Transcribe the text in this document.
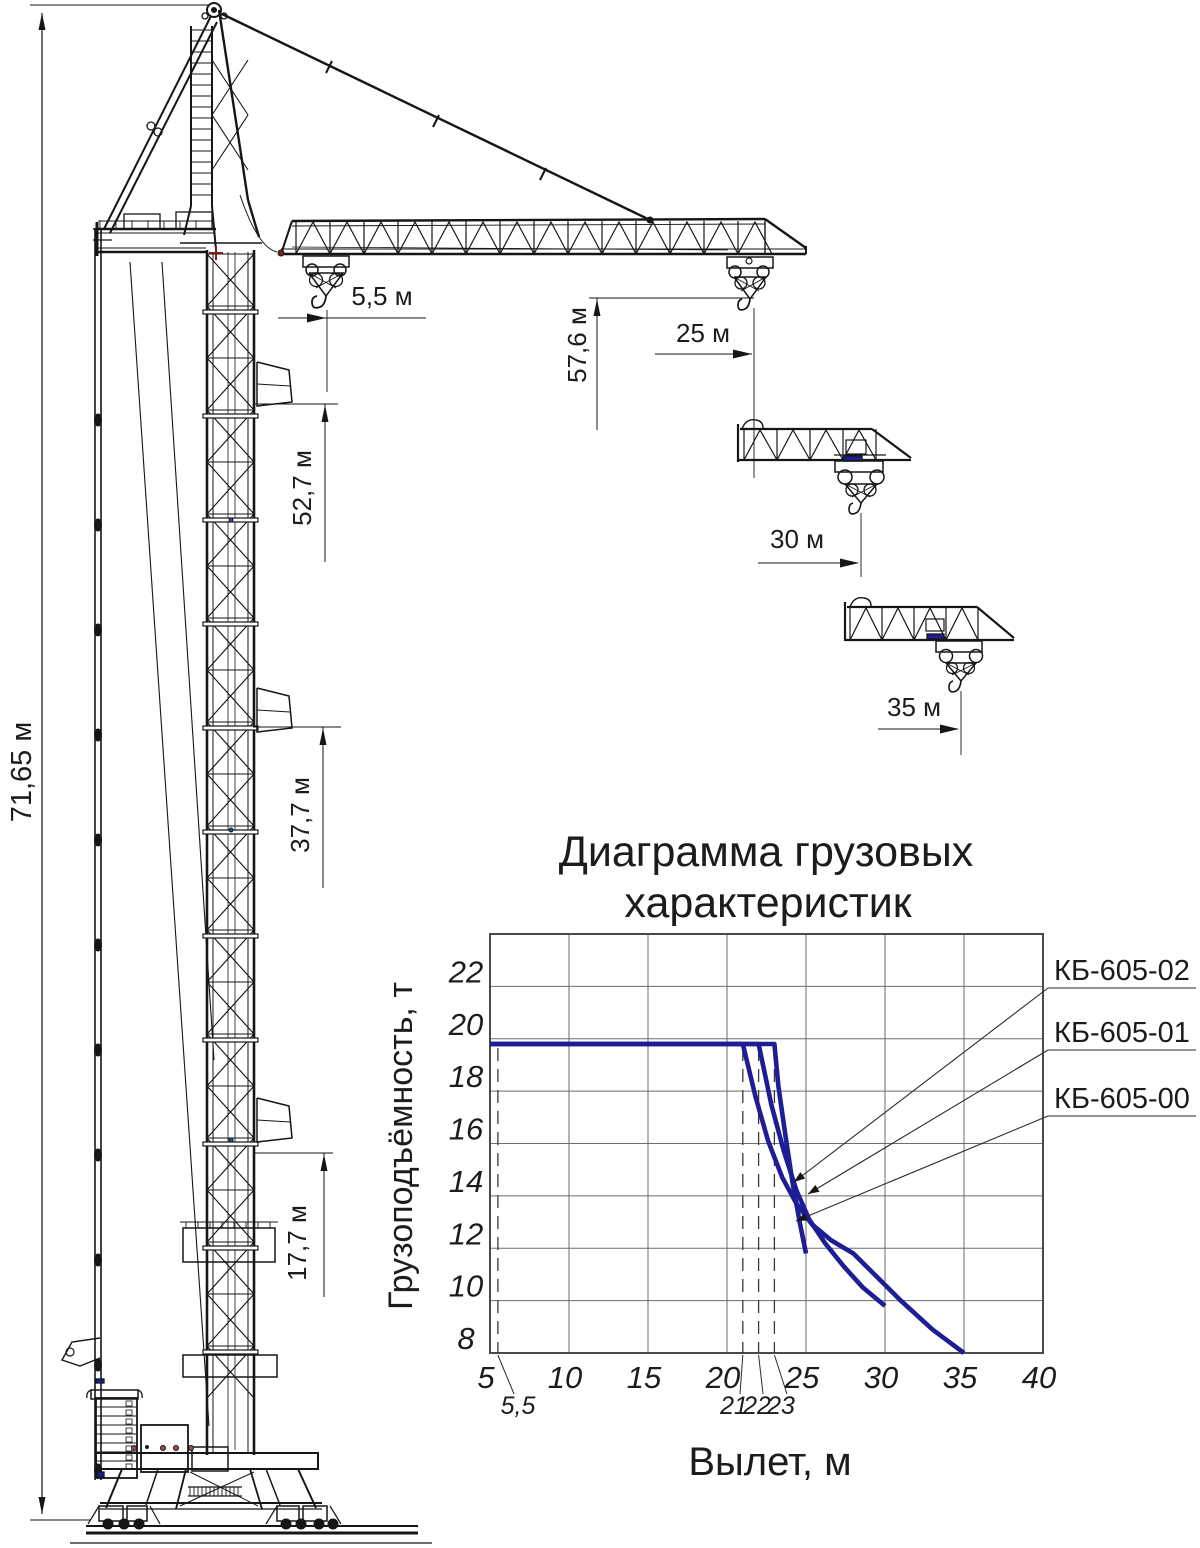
КБ-605-02
КБ-605-01
КБ-605-00
Диаграмма грузовых
характеристик
Вылет, м
Грузоподъёмность, т
22
20
18
16
14
12
10
8
5 10 15 20 25 30 35 40
5,5	21
22
23
71,65 м
5,5 м
57,6 м	25 м
52,7 м
37,7 м
30 м
17,7 м
35 м
